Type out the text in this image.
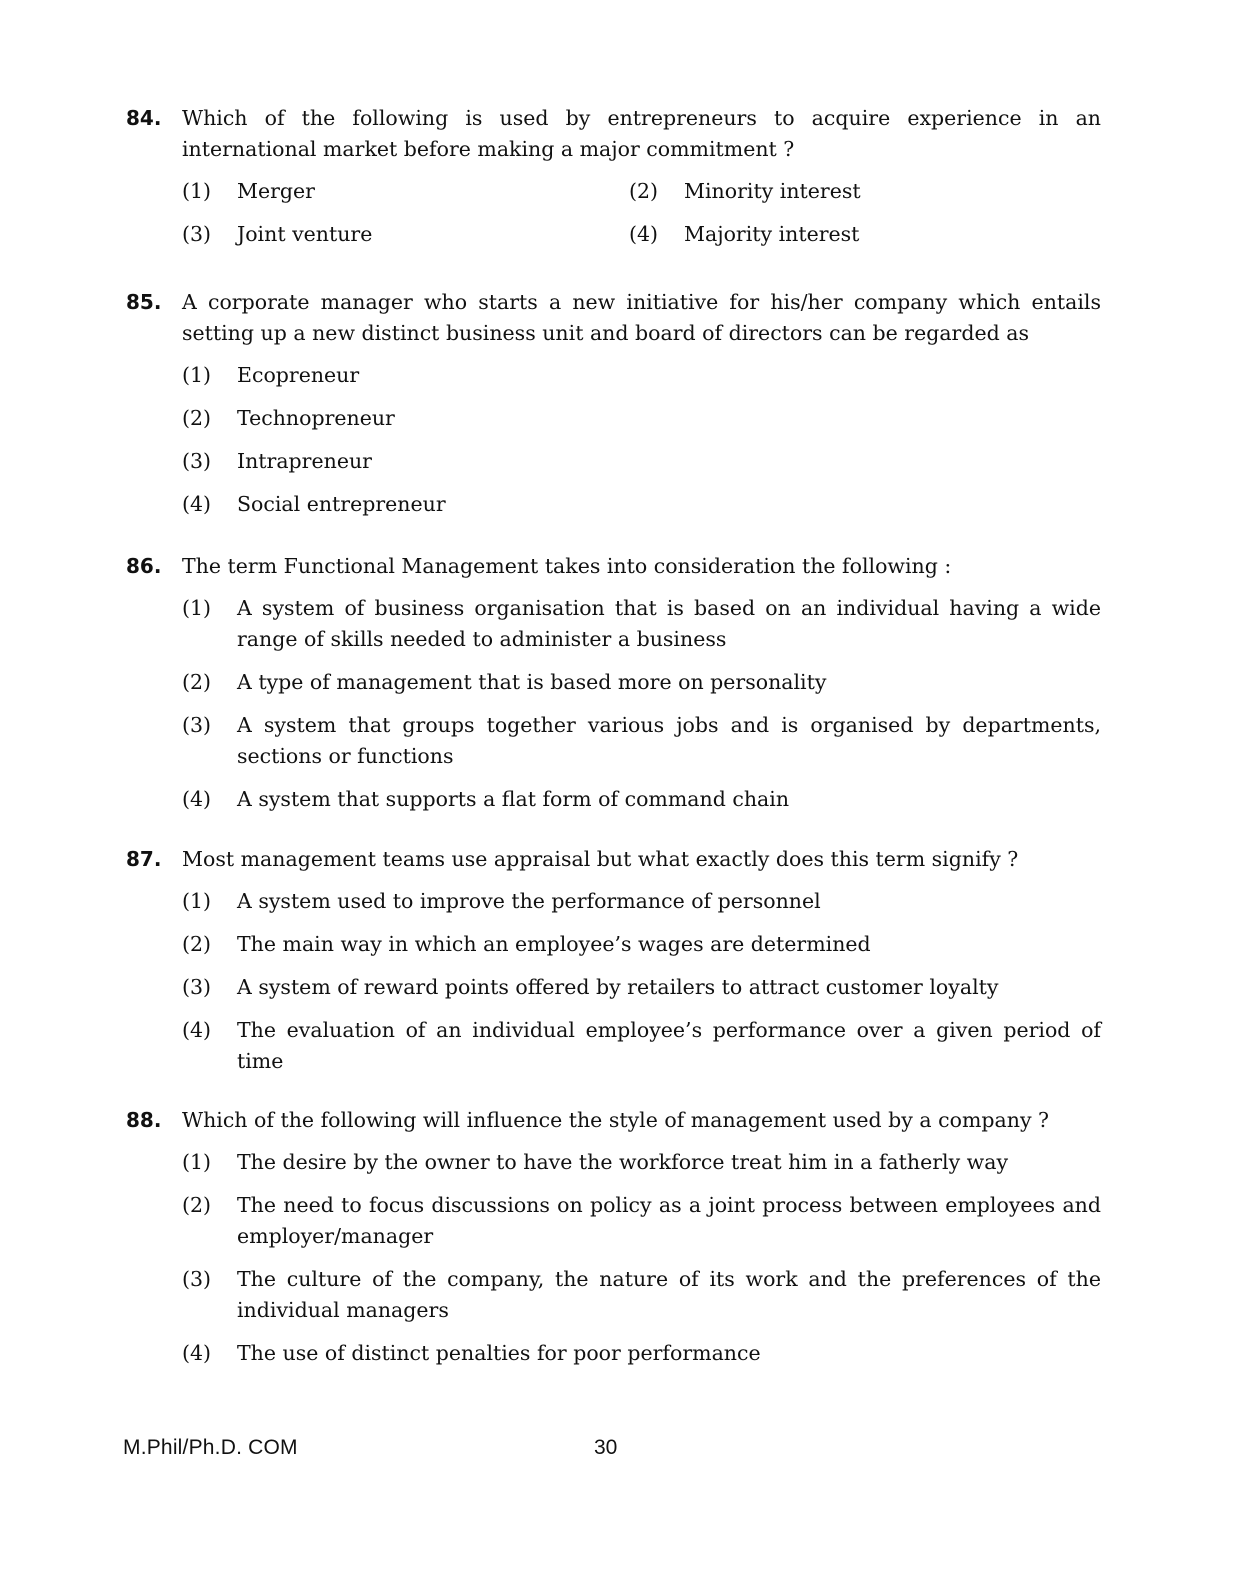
84.	Which of the following is used by entrepreneurs to acquire experience in an international market before making a major commitment ?
(1)	Merger	(2)	Minority interest
(3)	Joint venture	(4)	Majority interest
85.	A corporate manager who starts a new initiative for his/her company which entails setting up a new distinct business unit and board of directors can be regarded as
(1)	Ecopreneur
(2)	Technopreneur
(3)	Intrapreneur
(4)	Social entrepreneur
86.	The term Functional Management takes into consideration the following :
(1)	A system of business organisation that is based on an individual having a wide range of skills needed to administer a business
(2)	A type of management that is based more on personality
(3)	A system that groups together various jobs and is organised by departments, sections or functions
(4)	A system that supports a flat form of command chain
87.	Most management teams use appraisal but what exactly does this term signify ?
(1)	A system used to improve the performance of personnel
(2)	The main way in which an employee’s wages are determined
(3)	A system of reward points offered by retailers to attract customer loyalty
(4)	The evaluation of an individual employee’s performance over a given period of time
88.	Which of the following will influence the style of management used by a company ?
(1)	The desire by the owner to have the workforce treat him in a fatherly way
(2)	The need to focus discussions on policy as a joint process between employees and employer/manager
(3)	The culture of the company, the nature of its work and the preferences of the individual managers
(4)	The use of distinct penalties for poor performance
M.Phil/Ph.D. COM	30
